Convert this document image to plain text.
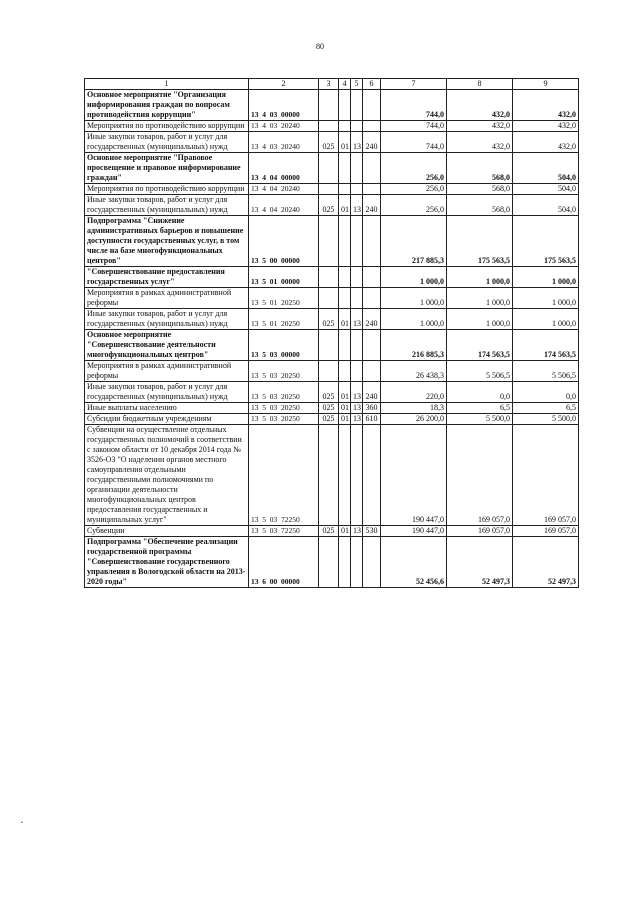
80
1	2	3	4	5	6	7	8	9
Основное мероприятие "Организация информирования граждан по вопросам противодействия коррупции"	13  4  03  00000					744,0	432,0	432,0
Мероприятия по противодействию коррупции	13  4  03  20240					744,0	432,0	432,0
Иные закупки товаров, работ и услуг для государственных (муниципальных) нужд	13  4  03  20240	025	01	13	240	744,0	432,0	432,0
Основное мероприятие "Правовое просвещение и правовое информирование граждан"	13  4  04  00000					256,0	568,0	504,0
Мероприятия по противодействию коррупции	13  4  04  20240					256,0	568,0	504,0
Иные закупки товаров, работ и услуг для государственных (муниципальных) нужд	13  4  04  20240	025	01	13	240	256,0	568,0	504,0
Подпрограмма "Снижение административных барьеров и повышение доступности государственных услуг, в том числе на базе многофункциональных центров"	13  5  00  00000					217 885,3	175 563,5	175 563,5
"Совершенствование предоставления государственных услуг"	13  5  01  00000					1 000,0	1 000,0	1 000,0
Мероприятия в рамках административной реформы	13  5  01  20250					1 000,0	1 000,0	1 000,0
Иные закупки товаров, работ и услуг для государственных (муниципальных) нужд	13  5  01  20250	025	01	13	240	1 000,0	1 000,0	1 000,0
Основное мероприятие "Совершенствование деятельности многофункциональных центров"	13  5  03  00000					216 885,3	174 563,5	174 563,5
Мероприятия в рамках административной реформы	13  5  03  20250					26 438,3	5 506,5	5 506,5
Иные закупки товаров, работ и услуг для государственных (муниципальных) нужд	13  5  03  20250	025	01	13	240	220,0	0,0	0,0
Иные выплаты населению	13  5  03  20250	025	01	13	360	18,3	6,5	6,5
Субсидии бюджетным учреждениям	13  5  03  20250	025	01	13	610	26 200,0	5 500,0	5 500,0
Субвенции на осуществление отдельных государственных полномочий в соответствии с законом области от 10 декабря 2014 года № 3526-ОЗ "О наделении органов местного самоуправления отдельными государственными полномочиями по организации деятельности многофункциональных центров предоставления государственных и муниципальных услуг"	13  5  03  72250					190 447,0	169 057,0	169 057,0
Субвенции	13  5  03  72250	025	01	13	530	190 447,0	169 057,0	169 057,0
Подпрограмма "Обеспечение реализации государственной программы "Совершенствование государственного управления в Вологодской области на 2013-2020 годы"	13  6  00  00000					52 456,6	52 497,3	52 497,3
·
